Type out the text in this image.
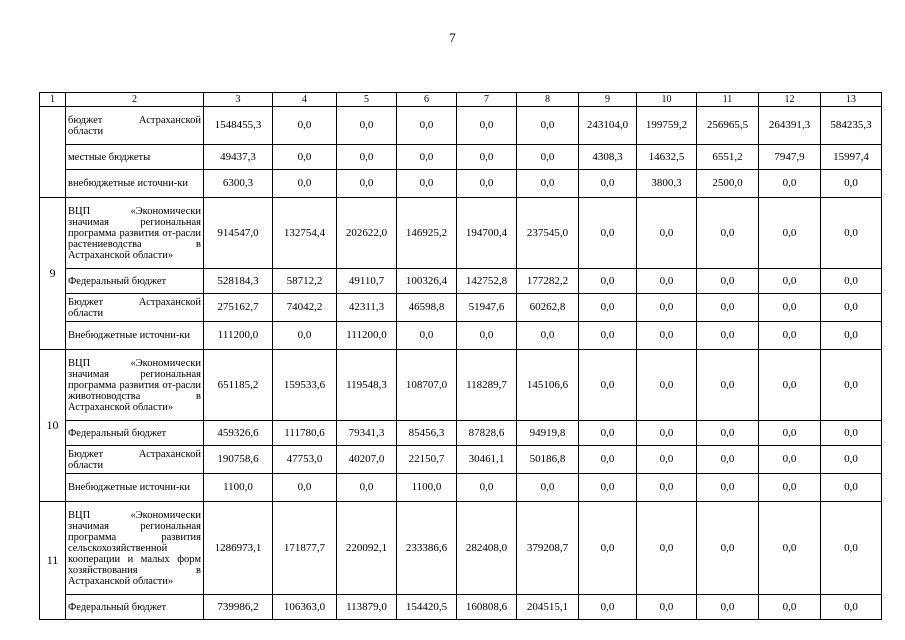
7
1	2	3	4	5	6	7	8	9	10	11	12	13
	бюджет Астраханской области	1548455,3	0,0	0,0	0,0	0,0	0,0	243104,0	199759,2	256965,5	264391,3	584235,3
	местные бюджеты	49437,3	0,0	0,0	0,0	0,0	0,0	4308,3	14632,5	6551,2	7947,9	15997,4
	внебюджетные источни-ки	6300,3	0,0	0,0	0,0	0,0	0,0	0,0	3800,3	2500,0	0,0	0,0
9	ВЦП «Экономически значимая региональная программа развития от-расли растениеводства в Астраханской области»	914547,0	132754,4	202622,0	146925,2	194700,4	237545,0	0,0	0,0	0,0	0,0	0,0
	Федеральный бюджет	528184,3	58712,2	49110,7	100326,4	142752,8	177282,2	0,0	0,0	0,0	0,0	0,0
	Бюджет Астраханской области	275162,7	74042,2	42311,3	46598,8	51947,6	60262,8	0,0	0,0	0,0	0,0	0,0
	Внебюджетные источни-ки	111200,0	0,0	111200,0	0,0	0,0	0,0	0,0	0,0	0,0	0,0	0,0
10	ВЦП «Экономически значимая региональная программа развития от-расли животноводства в Астраханской области»	651185,2	159533,6	119548,3	108707,0	118289,7	145106,6	0,0	0,0	0,0	0,0	0,0
	Федеральный бюджет	459326,6	111780,6	79341,3	85456,3	87828,6	94919,8	0,0	0,0	0,0	0,0	0,0
	Бюджет Астраханской области	190758,6	47753,0	40207,0	22150,7	30461,1	50186,8	0,0	0,0	0,0	0,0	0,0
	Внебюджетные источни-ки	1100,0	0,0	0,0	1100,0	0,0	0,0	0,0	0,0	0,0	0,0	0,0
11	ВЦП «Экономически значимая региональная программа развития сельскохозяйственной кооперации и малых форм хозяйствования в Астраханской области»	1286973,1	171877,7	220092,1	233386,6	282408,0	379208,7	0,0	0,0	0,0	0,0	0,0
	Федеральный бюджет	739986,2	106363,0	113879,0	154420,5	160808,6	204515,1	0,0	0,0	0,0	0,0	0,0
